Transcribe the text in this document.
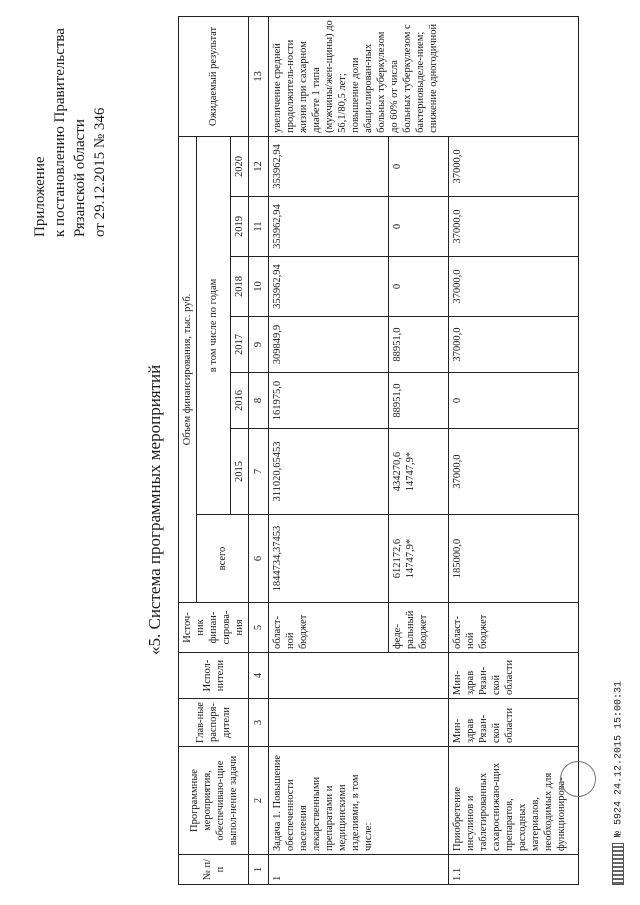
Приложение к постановлению Правительства Рязанской области от 29.12.2015 № 346
«5. Система программных мероприятий
№ п/п	Программные мероприятия, обеспечиваю-щие выпол-нение задачи	Глав-ные распоря-дители	Испол-нители	Источ-ник финан-сирова-ния	Объем финансирования, тыс. руб.							Ожидаемый результат
					всего	в том числе по годам						
						2015	2016	2017	2018	2019	2020	
1	2	3	4	5	6	7	8	9	10	11	12	13
1	Задача 1. Повышение обеспеченности населения лекарственными препаратами и медицинскими изделиями, в том числе:			област-ной бюджет	1844734,37453	311020,65453	161975,0	309849,9	353962,94	353962,94	353962,94	увеличение средней продолжитель-ности жизни при сахарном диабете 1 типа (мужчины/жен-щины) до 56,1/80,5 лет; повышение доли абациллирован-ных больных туберкулезом до 60% от числа больных туберкулезом с бактериовыделе-нием; снижение одногодичной
				феде-ральный бюджет	612172,6 14747,9*	434270,6 14747,9*	88951,0	88951,0	0	0	0	
1.1	Приобретение инсулинов и таблетированных сахароснижаю-щих препаратов, расходных материалов, необходимых для функционирова-	Мин-здрав Рязан-ской области	Мин-здрав Рязан-ской области	област-ной бюджет	185000,0	37000,0	0	37000,0	37000,0	37000,0	37000,0	
№ 5924 24.12.2015 15:00:31
